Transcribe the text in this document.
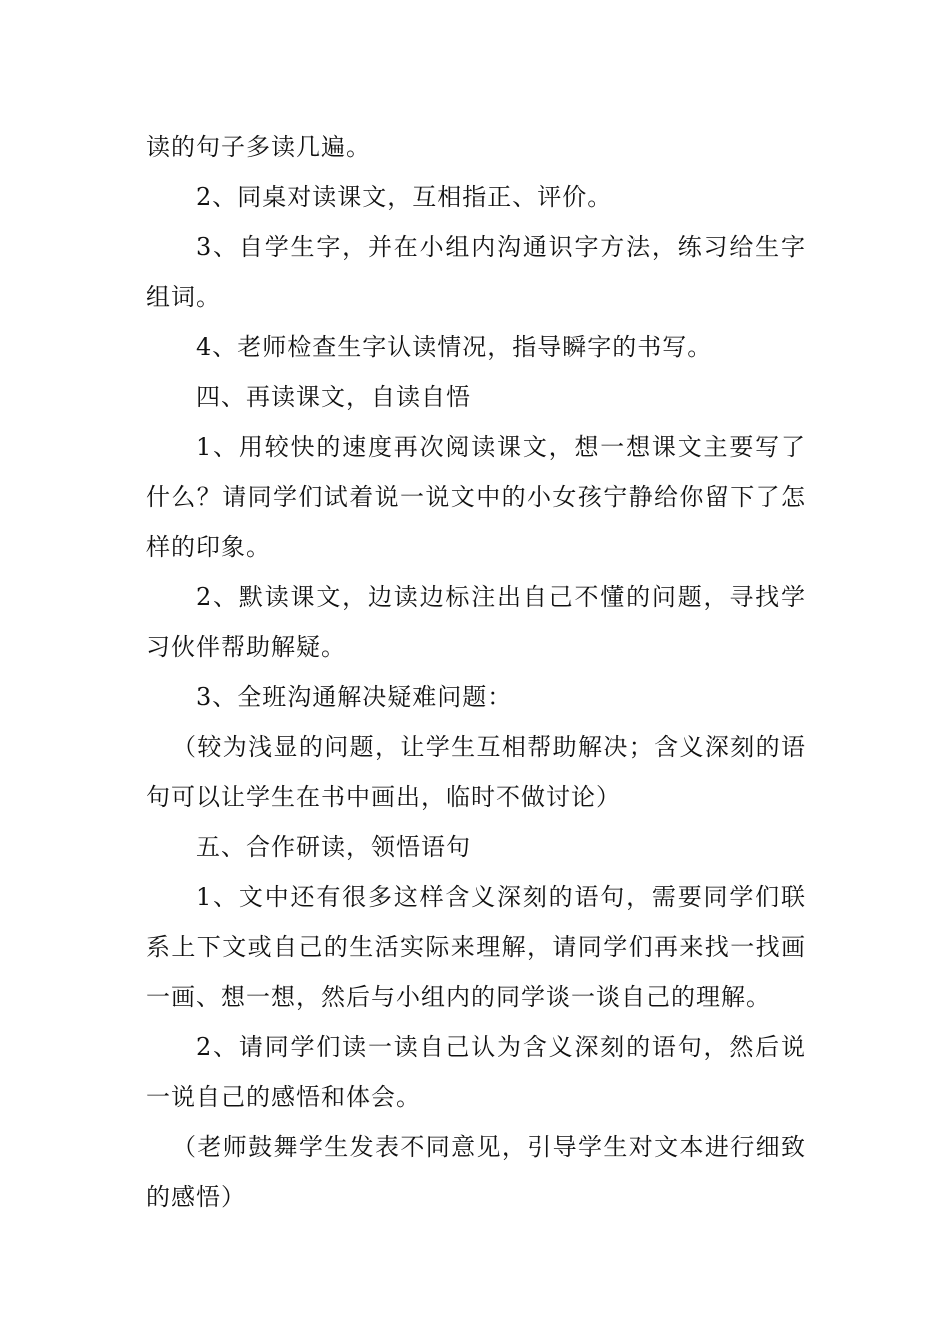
读的句子多读几遍。

2、同桌对读课文，互相指正、评价。

3、自学生字，并在小组内沟通识字方法，练习给生字组词。

4、老师检查生字认读情况，指导瞬字的书写。

四、再读课文，自读自悟

1、用较快的速度再次阅读课文，想一想课文主要写了什么？请同学们试着说一说文中的小女孩宁静给你留下了怎样的印象。

2、默读课文，边读边标注出自己不懂的问题，寻找学习伙伴帮助解疑。

3、全班沟通解决疑难问题：

（较为浅显的问题，让学生互相帮助解决；含义深刻的语句可以让学生在书中画出，临时不做讨论）

五、合作研读，领悟语句

1、文中还有很多这样含义深刻的语句，需要同学们联系上下文或自己的生活实际来理解，请同学们再来找一找画一画、想一想，然后与小组内的同学谈一谈自己的理解。

2、请同学们读一读自己认为含义深刻的语句，然后说一说自己的感悟和体会。

（老师鼓舞学生发表不同意见，引导学生对文本进行细致的感悟）
